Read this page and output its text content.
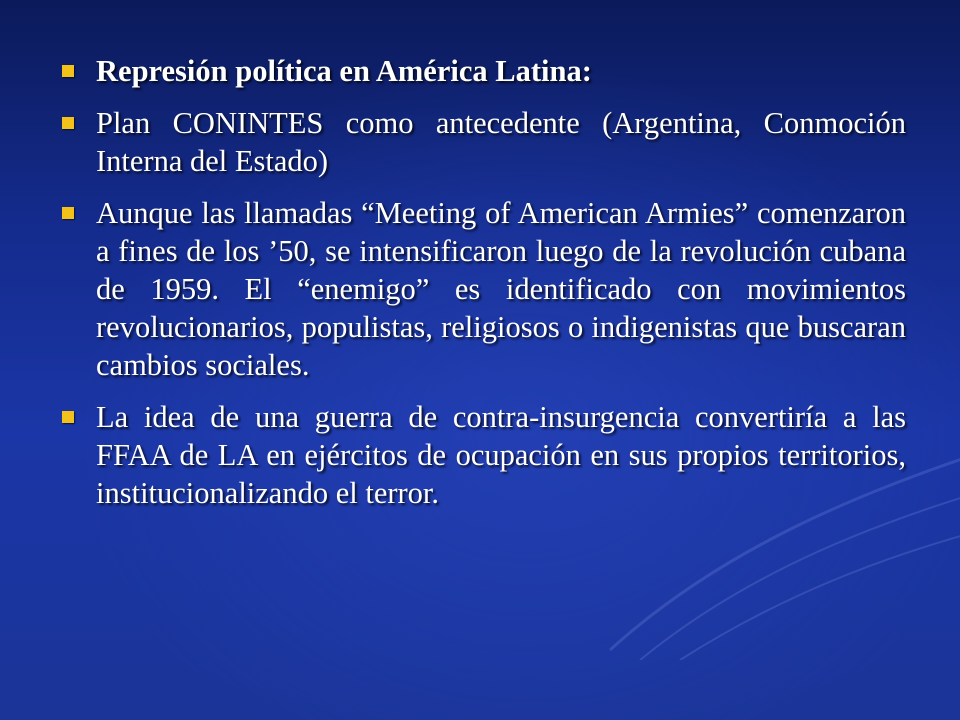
Represión política en América Latina:
Plan CONINTES como antecedente (Argentina, Conmoción Interna del Estado)
Aunque las llamadas “Meeting of American Armies” comenzaron a fines de los ’50, se intensificaron luego de la revolución cubana de 1959. El “enemigo” es identificado con movimientos revolucionarios, populistas, religiosos o indigenistas que buscaran cambios sociales.
La idea de una guerra de contra-insurgencia convertiría a las FFAA de LA en ejércitos de ocupación en sus propios territorios, institucionalizando el terror.
